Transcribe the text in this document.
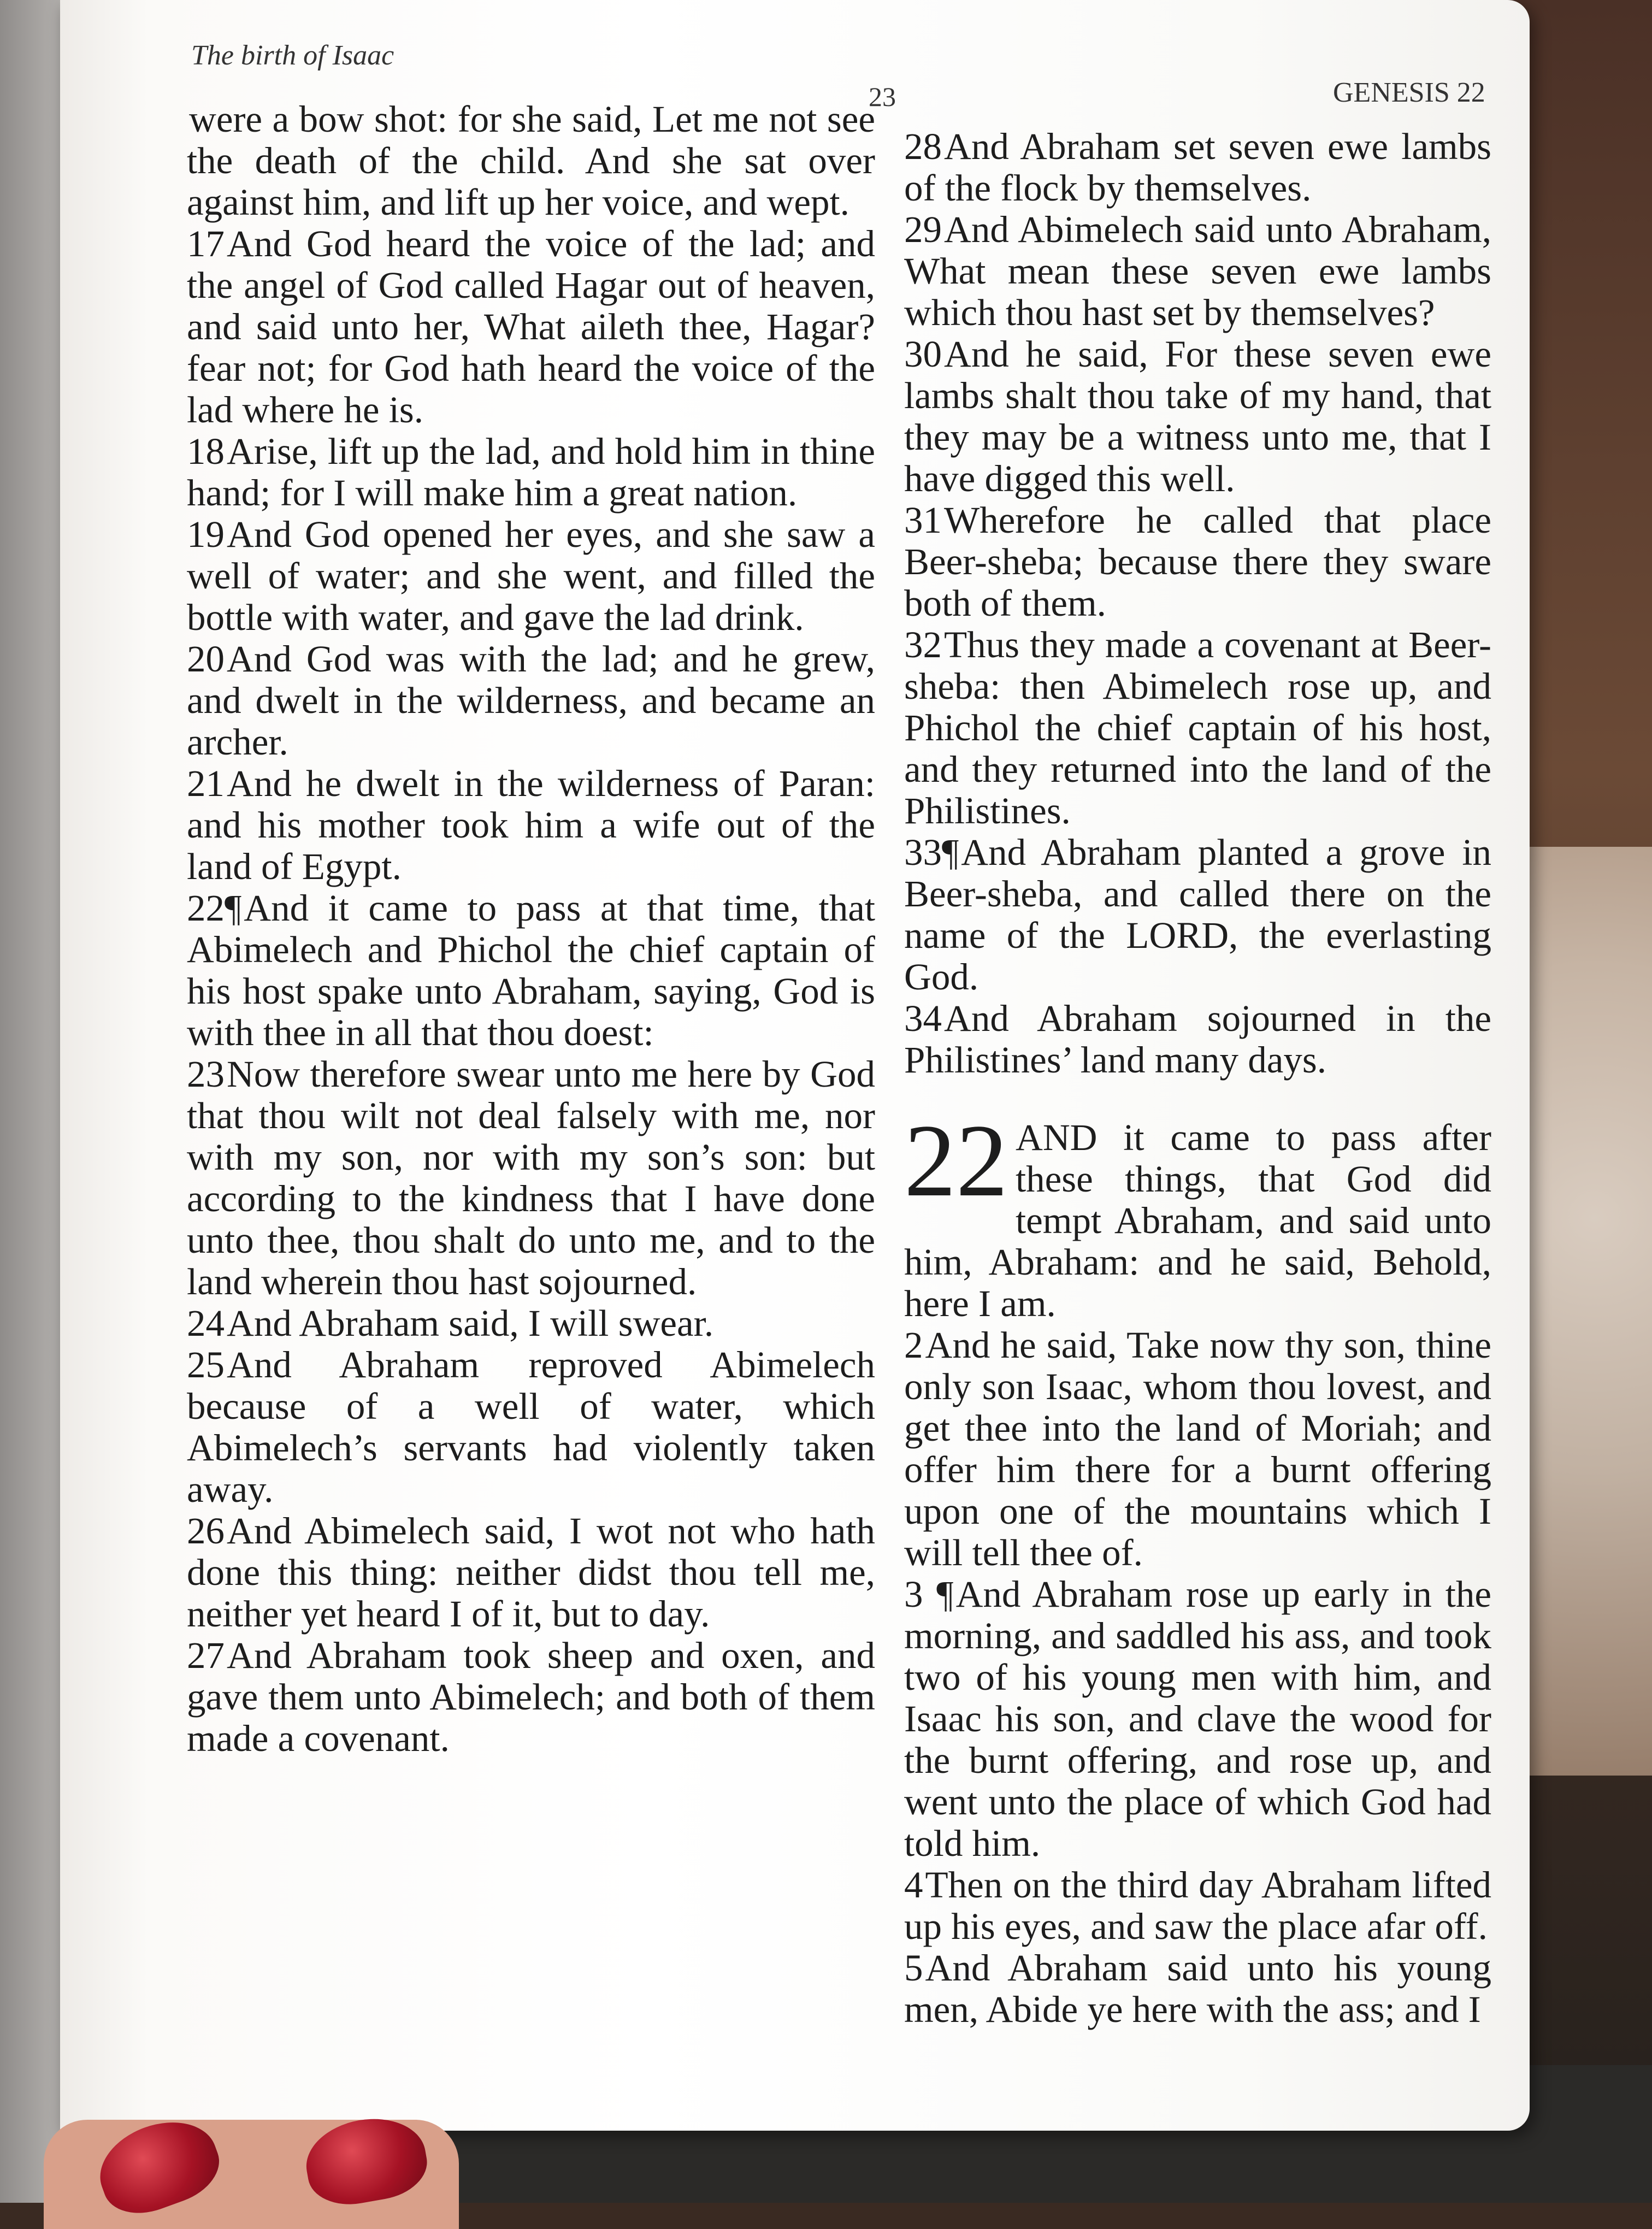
The birth of Isaac
23	GENESIS 22

were a bow shot: for she said, Let me not see the death of the child. And she sat over against him, and lift up her voice, and wept.

17And God heard the voice of the lad; and the angel of God called Hagar out of heaven, and said unto her, What aileth thee, Hagar? fear not; for God hath heard the voice of the lad where he is.

18Arise, lift up the lad, and hold him in thine hand; for I will make him a great nation.

19And God opened her eyes, and she saw a well of water; and she went, and filled the bottle with water, and gave the lad drink.

20And God was with the lad; and he grew, and dwelt in the wilderness, and became an archer.

21And he dwelt in the wilderness of Paran: and his mother took him a wife out of the land of Egypt.

22¶And it came to pass at that time, that Abimelech and Phichol the chief captain of his host spake unto Abraham, saying, God is with thee in all that thou doest:

23Now therefore swear unto me here by God that thou wilt not deal falsely with me, nor with my son, nor with my son’s son: but according to the kindness that I have done unto thee, thou shalt do unto me, and to the land wherein thou hast sojourned.

24And Abraham said, I will swear.

25And Abraham reproved Abimelech because of a well of water, which Abimelech’s servants had violently taken away.

26And Abimelech said, I wot not who hath done this thing: neither didst thou tell me, neither yet heard I of it, but to day.

27And Abraham took sheep and oxen, and gave them unto Abimelech; and both of them made a covenant.

28And Abraham set seven ewe lambs of the flock by themselves.

29And Abimelech said unto Abraham, What mean these seven ewe lambs which thou hast set by themselves?

30And he said, For these seven ewe lambs shalt thou take of my hand, that they may be a witness unto me, that I have digged this well.

31Wherefore he called that place Beer-sheba; because there they sware both of them.

32Thus they made a covenant at Beer-sheba: then Abimelech rose up, and Phichol the chief captain of his host, and they returned into the land of the Philistines.

33¶And Abraham planted a grove in Beer-sheba, and called there on the name of the LORD, the everlasting God.

34And Abraham sojourned in the Philistines’ land many days.

22 AND it came to pass after these things, that God did tempt Abraham, and said unto him, Abraham: and he said, Behold, here I am.

2And he said, Take now thy son, thine only son Isaac, whom thou lovest, and get thee into the land of Moriah; and offer him there for a burnt offering upon one of the mountains which I will tell thee of.

3 ¶And Abraham rose up early in the morning, and saddled his ass, and took two of his young men with him, and Isaac his son, and clave the wood for the burnt offering, and rose up, and went unto the place of which God had told him.

4Then on the third day Abraham lifted up his eyes, and saw the place afar off.

5And Abraham said unto his young men, Abide ye here with the ass; and I
